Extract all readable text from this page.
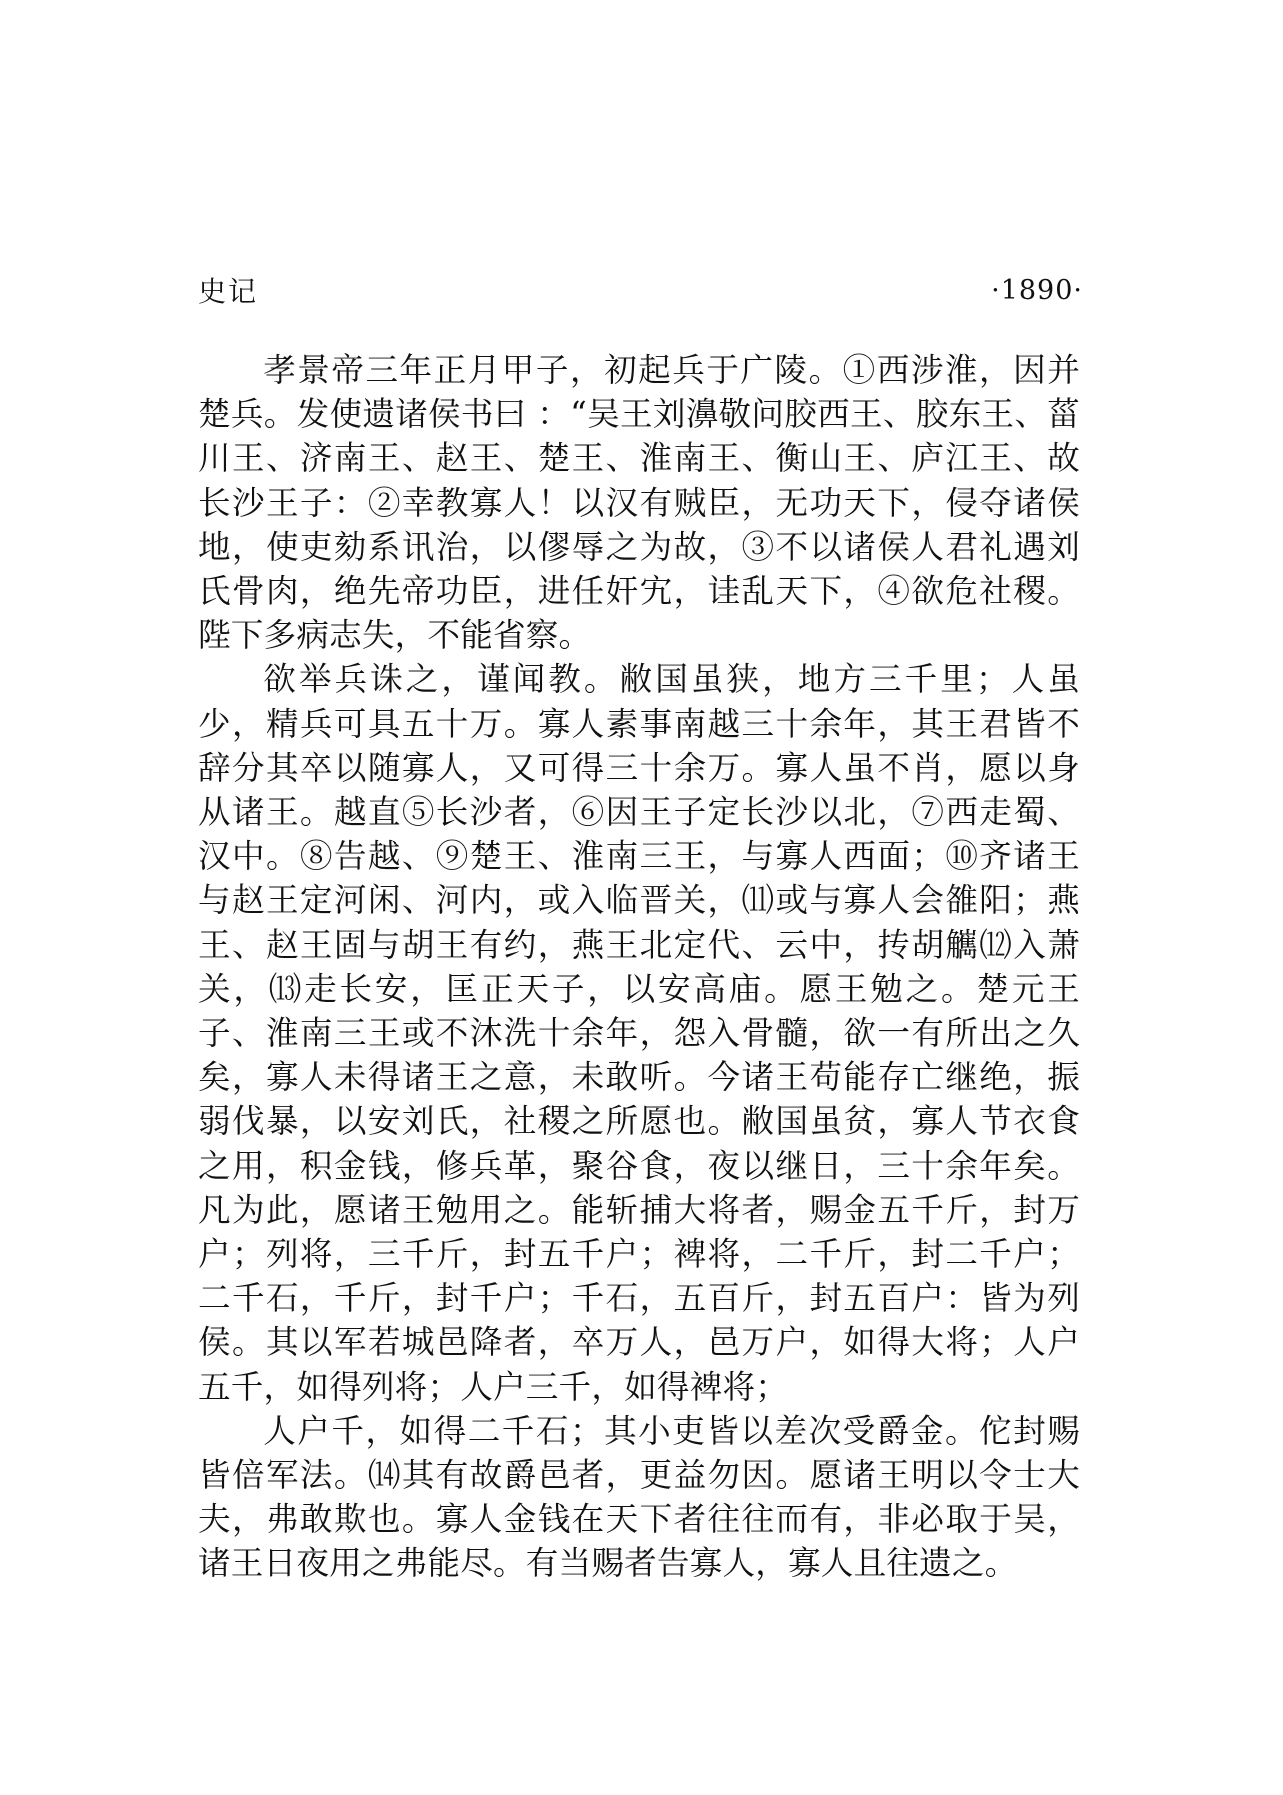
史记	·1890·

孝景帝三年正月甲子，初起兵于广陵。①西涉淮，因并楚兵。发使遗诸侯书曰 ：“吴王刘濞敬问胶西王、胶东王、菑川王、济南王、赵王、楚王、淮南王、衡山王、庐江王、故长沙王子：②幸教寡人！以汉有贼臣，无功天下，侵夺诸侯地，使吏劾系讯治，以僇辱之为故，③不以诸侯人君礼遇刘氏骨肉，绝先帝功臣，进任奸宄，诖乱天下，④欲危社稷。陛下多病志失，不能省察。

欲举兵诛之，谨闻教。敝国虽狭，地方三千里；人虽少，精兵可具五十万。寡人素事南越三十余年，其王君皆不辞分其卒以随寡人，又可得三十余万。寡人虽不肖，愿以身从诸王。越直⑤长沙者，⑥因王子定长沙以北，⑦西走蜀、汉中。⑧告越、⑨楚王、淮南三王，与寡人西面；⑩齐诸王与赵王定河闲、河内，或入临晋关，⑾或与寡人会雒阳；燕王、赵王固与胡王有约，燕王北定代、云中，抟胡觽⑿入萧关，⒀走长安，匡正天子，以安高庙。愿王勉之。楚元王子、淮南三王或不沐洗十余年，怨入骨髓，欲一有所出之久矣，寡人未得诸王之意，未敢听。今诸王苟能存亡继绝，振弱伐暴，以安刘氏，社稷之所愿也。敝国虽贫，寡人节衣食之用，积金钱，修兵革，聚谷食，夜以继日，三十余年矣。凡为此，愿诸王勉用之。能斩捕大将者，赐金五千斤，封万户；列将，三千斤，封五千户；裨将，二千斤，封二千户；二千石，千斤，封千户；千石，五百斤，封五百户：皆为列侯。其以军若城邑降者，卒万人，邑万户，如得大将；人户五千，如得列将；人户三千，如得裨将；

人户千，如得二千石；其小吏皆以差次受爵金。佗封赐皆倍军法。⒁其有故爵邑者，更益勿因。愿诸王明以令士大夫，弗敢欺也。寡人金钱在天下者往往而有，非必取于吴，诸王日夜用之弗能尽。有当赐者告寡人，寡人且往遗之。
